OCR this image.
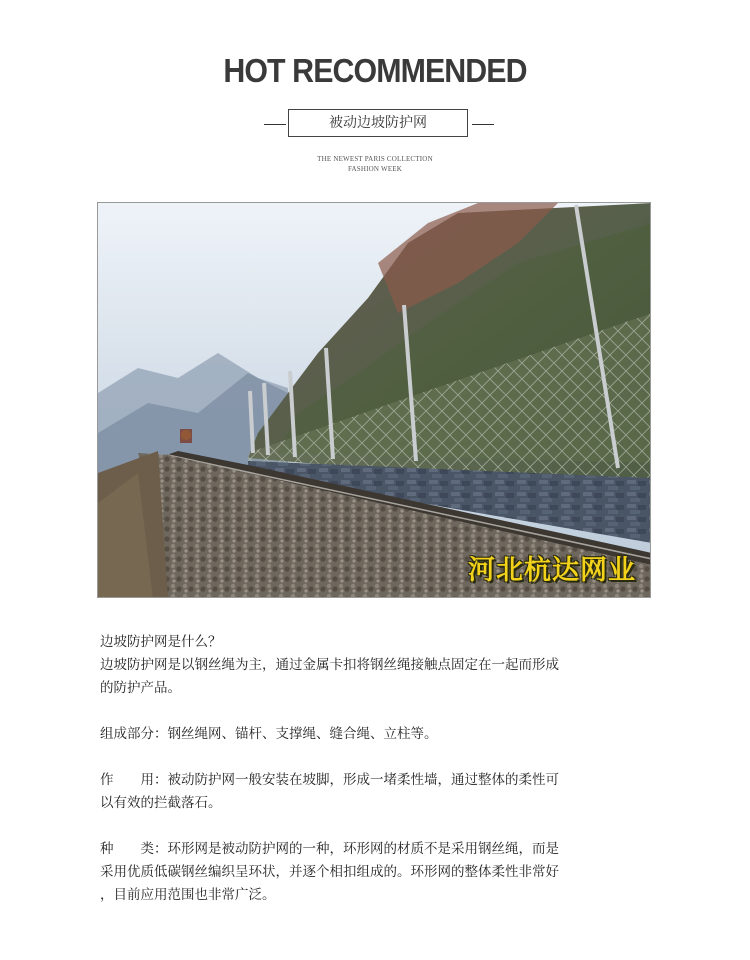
HOT RECOMMENDED
被动边坡防护网
THE NEWEST PARIS COLLECTION
FASHION WEEK
河北杭达网业

边坡防护网是什么？

边坡防护网是以钢丝绳为主，通过金属卡扣将钢丝绳接触点固定在一起而形成

的防护产品。

组成部分：钢丝绳网、锚杆、支撑绳、缝合绳、立柱等。

作　　用：被动防护网一般安装在坡脚，形成一堵柔性墙，通过整体的柔性可

以有效的拦截落石。

种　　类：环形网是被动防护网的一种，环形网的材质不是采用钢丝绳，而是

采用优质低碳钢丝编织呈环状，并逐个相扣组成的。环形网的整体柔性非常好

，目前应用范围也非常广泛。
